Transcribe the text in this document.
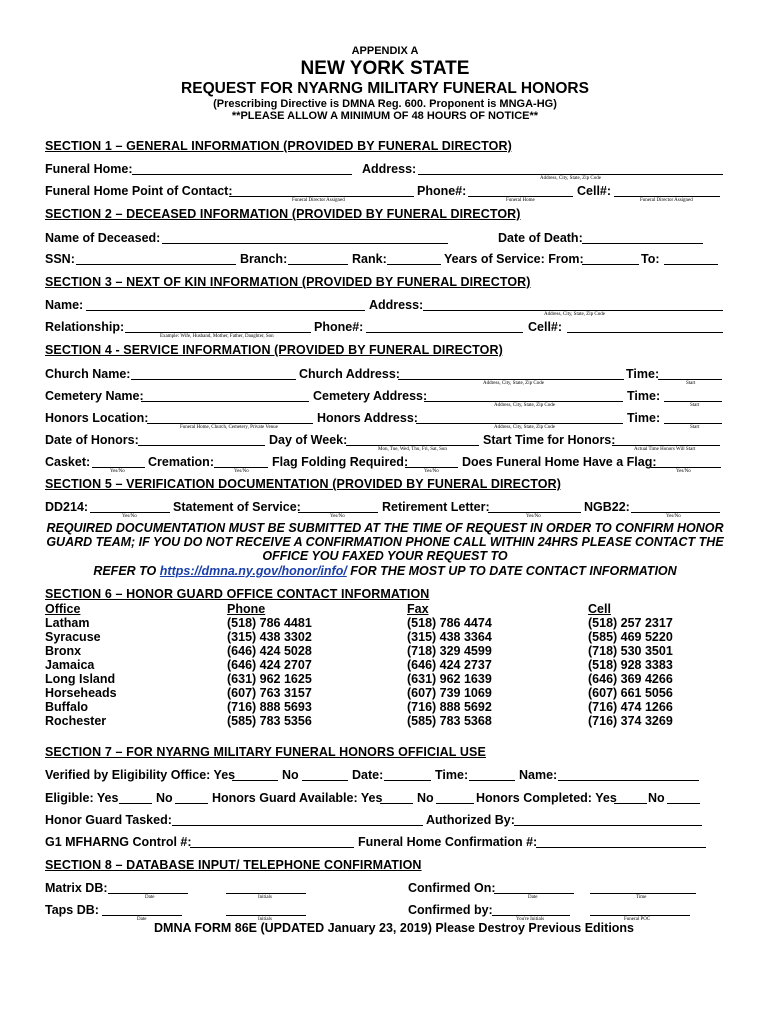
APPENDIX A
NEW YORK STATE
REQUEST FOR NYARNG MILITARY FUNERAL HONORS
(Prescribing Directive is DMNA Reg. 600. Proponent is MNGA-HG)
**PLEASE ALLOW A MINIMUM OF 48 HOURS OF NOTICE**
SECTION 1 – GENERAL INFORMATION (PROVIDED BY FUNERAL DIRECTOR)
Funeral Home:	Address:
Address, City, State, Zip Code
Funeral Home Point of Contact:
Funeral Director Assigned
Phone#:
Funeral Home
Cell#:
Funeral Director Assigned
SECTION 2 – DECEASED INFORMATION (PROVIDED BY FUNERAL DIRECTOR)
Name of Deceased:	Date of Death:
SSN:	Branch:	Rank:	Years of Service: From:	To:
SECTION 3 – NEXT OF KIN INFORMATION (PROVIDED BY FUNERAL DIRECTOR)
Name:	Address:
Address, City, State, Zip Code
Relationship:
Example: Wife, Husband, Mother, Father, Daughter, Son
Phone#:	Cell#:
SECTION 4 - SERVICE INFORMATION (PROVIDED BY FUNERAL DIRECTOR)
Church Name:	Church Address:
Address, City, State, Zip Code
Time:
Start
Cemetery Name:	Cemetery Address:
Address, City, State, Zip Code
Time:
Start
Honors Location:
Funeral Home, Church, Cemetery, Private Venue
Honors Address:
Address, City, State, Zip Code
Time:
Start
Date of Honors:	Day of Week:
Mon, Tue, Wed, Thu, Fri, Sat, Sun
Start Time for Honors:
Actual Time Honors Will Start
Casket:
Yes/No
Cremation:
Yes/No
Flag Folding Required:
Yes/No
Does Funeral Home Have a Flag:
Yes/No
SECTION 5 – VERIFICATION DOCUMENTATION (PROVIDED BY FUNERAL DIRECTOR)
DD214:
Yes/No
Statement of Service:
Yes/No
Retirement Letter:
Yes/No
NGB22:
Yes/No
REQUIRED DOCUMENTATION MUST BE SUBMITTED AT THE TIME OF REQUEST IN ORDER TO CONFIRM HONOR
GUARD TEAM; IF YOU DO NOT RECEIVE A CONFIRMATION PHONE CALL WITHIN 24HRS PLEASE CONTACT THE
OFFICE YOU FAXED YOUR REQUEST TO
REFER TO https://dmna.ny.gov/honor/info/ FOR THE MOST UP TO DATE CONTACT INFORMATION
SECTION 6 – HONOR GUARD OFFICE CONTACT INFORMATION
Office	Phone	Fax	Cell
Latham	(518) 786 4481	(518) 786 4474	(518) 257 2317
Syracuse	(315) 438 3302	(315) 438 3364	(585) 469 5220
Bronx	(646) 424 5028	(718) 329 4599	(718) 530 3501
Jamaica	(646) 424 2707	(646) 424 2737	(518) 928 3383
Long Island	(631) 962 1625	(631) 962 1639	(646) 369 4266
Horseheads	(607) 763 3157	(607) 739 1069	(607) 661 5056
Buffalo	(716) 888 5693	(716) 888 5692	(716) 474 1266
Rochester	(585) 783 5356	(585) 783 5368	(716) 374 3269
SECTION 7 – FOR NYARNG MILITARY FUNERAL HONORS OFFICIAL USE
Verified by Eligibility Office: Yes	No	Date:	Time:	Name:
Eligible: Yes	No	Honors Guard Available: Yes	No	Honors Completed: Yes No
Honor Guard Tasked:	Authorized By:
G1 MFHARNG Control #:	Funeral Home Confirmation #:
SECTION 8 – DATABASE INPUT/ TELEPHONE CONFIRMATION
Matrix DB:
Date	Initials
Confirmed On:
Date	Time
Taps DB:
Date	Initials
Confirmed by:
You're Initials	Funeral POC
DMNA FORM 86E (UPDATED January 23, 2019) Please Destroy Previous Editions
